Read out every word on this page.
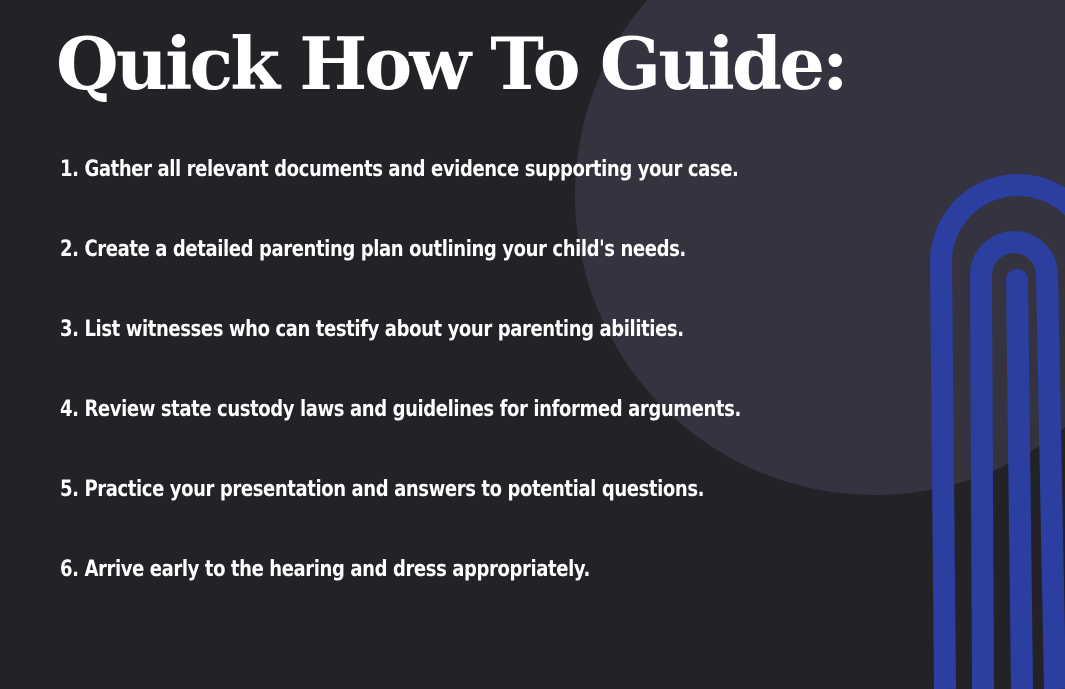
Quick How To Guide:
1. Gather all relevant documents and evidence supporting your case.
2. Create a detailed parenting plan outlining your child's needs.
3. List witnesses who can testify about your parenting abilities.
4. Review state custody laws and guidelines for informed arguments.
5. Practice your presentation and answers to potential questions.
6. Arrive early to the hearing and dress appropriately.
